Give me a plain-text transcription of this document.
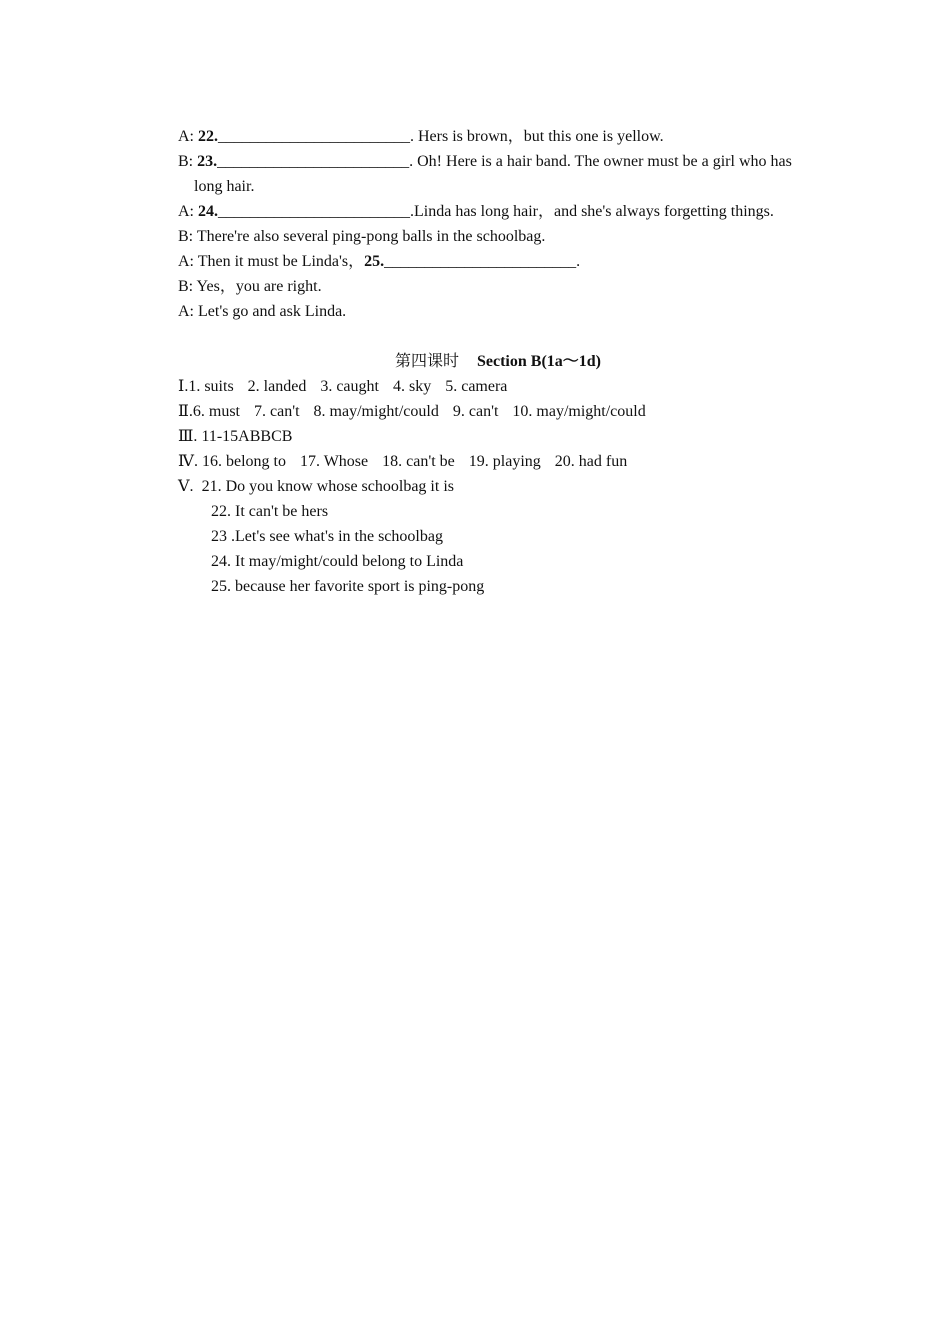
A: 22.________________________. Hers is brown，but this one is yellow.
B: 23.________________________. Oh! Here is a hair band. The owner must be a girl who has long hair.
A: 24.________________________.Linda has long hair，and she's always forgetting things.
B: There're also several ping-pong balls in the schoolbag.
A: Then it must be Linda's，25.________________________.
B: Yes，you are right.
A: Let's go and ask Linda.
第四课时 Section B(1a～1d)
Ⅰ.1. suits 2. landed 3. caught 4. sky 5. camera
Ⅱ.6. must 7. can't 8. may/might/could 9. can't 10. may/might/could
Ⅲ. 11-15ABBCB
Ⅳ. 16. belong to 17. Whose 18. can't be 19. playing 20. had fun
Ⅴ. 21. Do you know whose schoolbag it is
22. It can't be hers
23 .Let's see what's in the schoolbag
24. It may/might/could belong to Linda
25. because her favorite sport is ping-pong
